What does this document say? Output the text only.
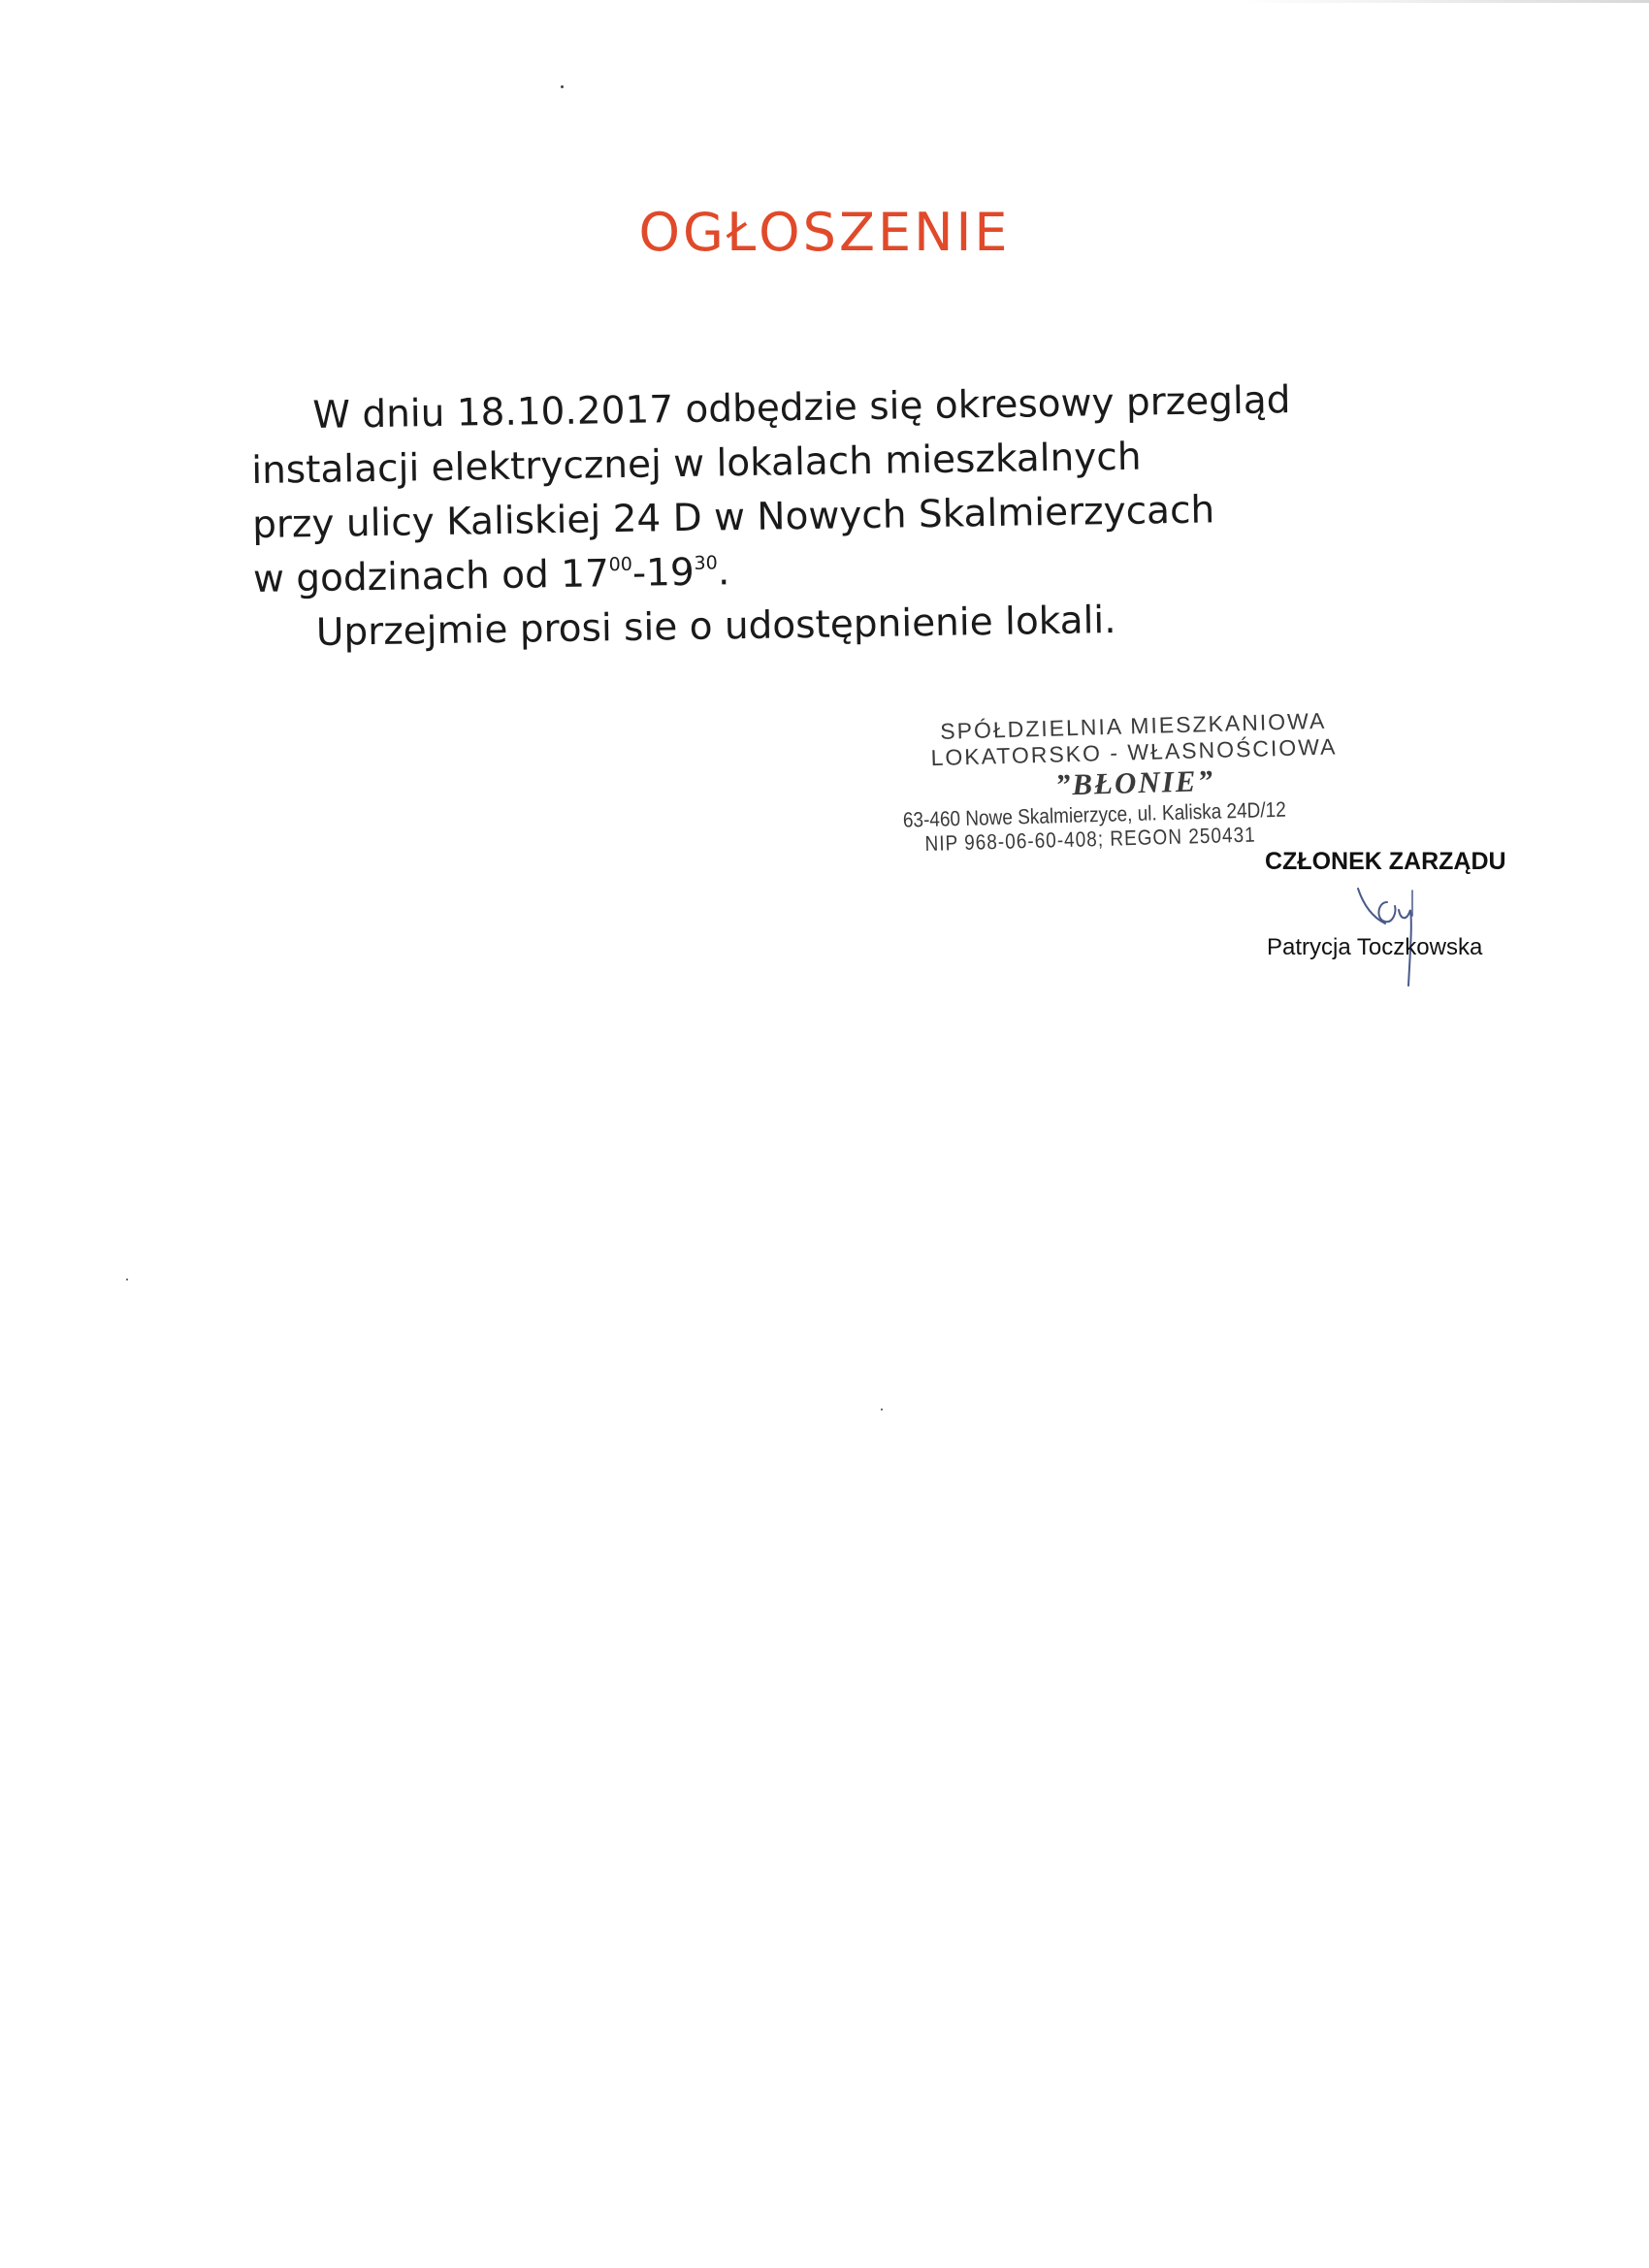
OGŁOSZENIE
W dniu 18.10.2017 odbędzie się okresowy przegląd
instalacji elektrycznej w lokalach mieszkalnych
przy ulicy Kaliskiej 24 D w Nowych Skalmierzycach
w godzinach od $17^{00}-19^{30}$.
Uprzejmie prosi sie o udostępnienie lokali.
SPÓŁDZIELNIA MIESZKANIOWA
LOKATORSKO - WŁASNOŚCIOWA
”BŁONIE”
63-460 Nowe Skalmierzyce, ul. Kaliska 24D/12
NIP 968-06-60-408; REGON 250431
CZŁONEK ZARZĄDU
Patrycja Toczkowska
